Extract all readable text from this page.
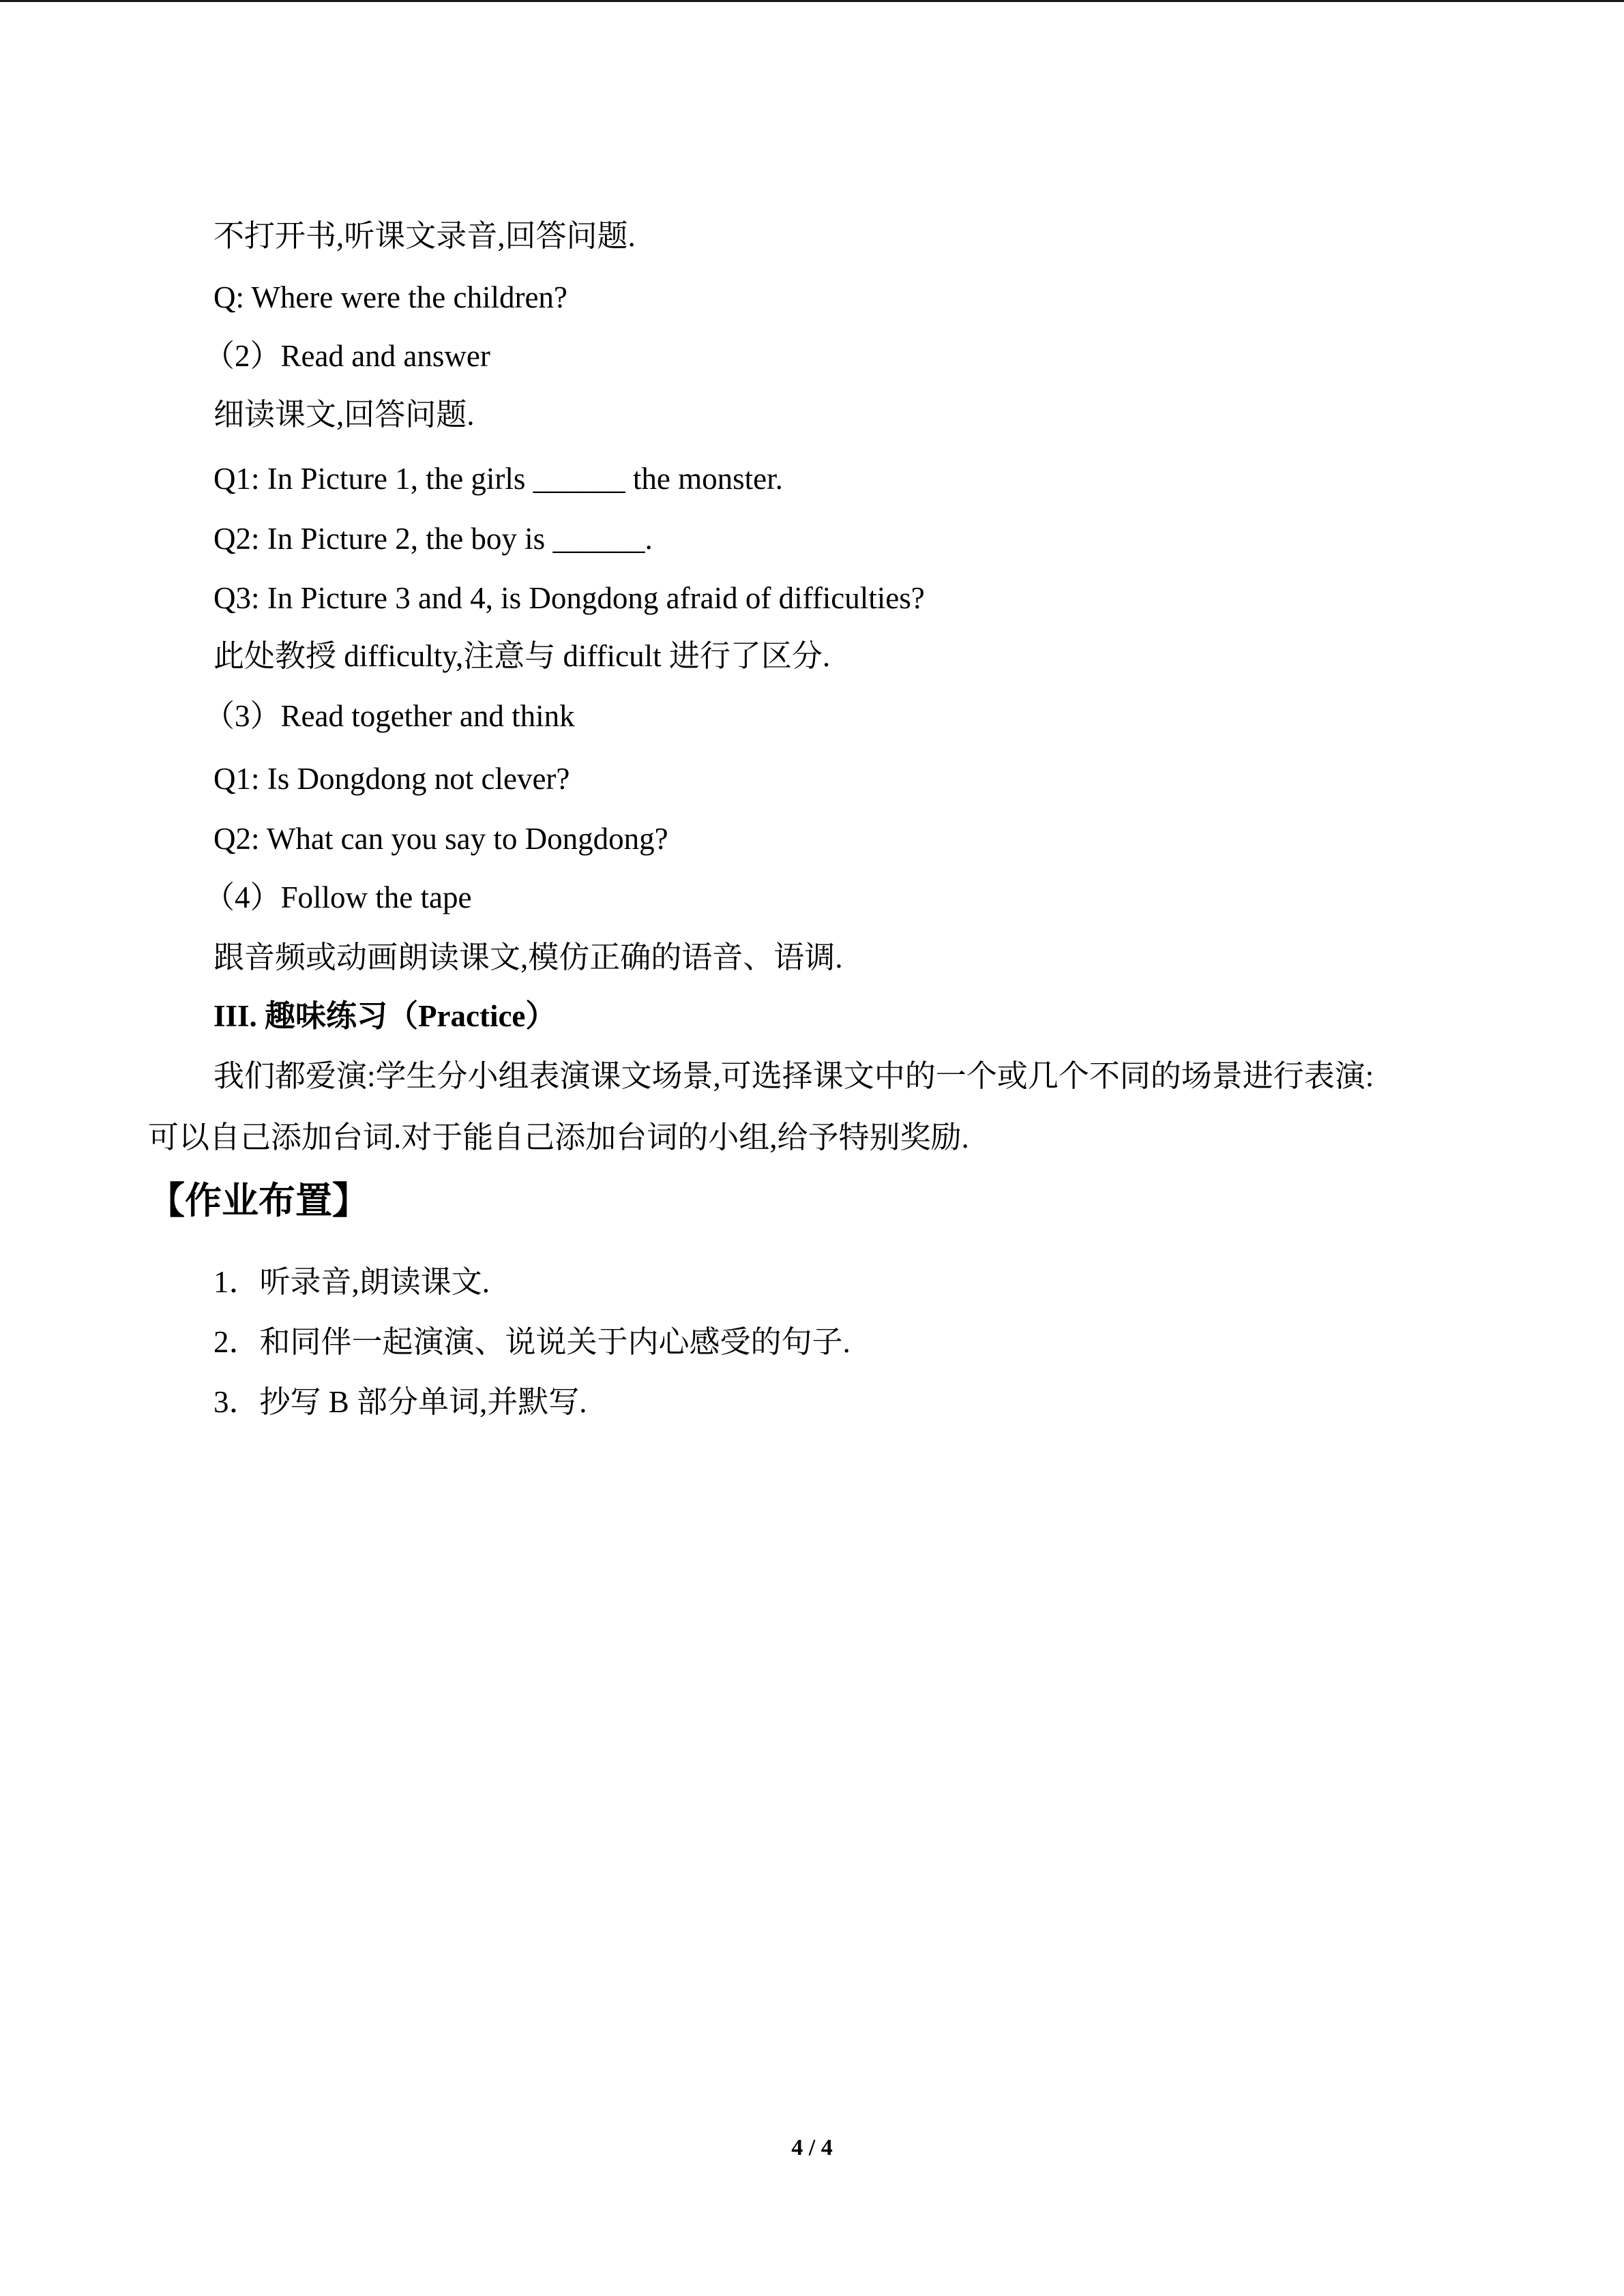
不打开书,听课文录音,回答问题.
Q: Where were the children?
（2）Read and answer
细读课文,回答问题.
Q1: In Picture 1, the girls ______ the monster.
Q2: In Picture 2, the boy is ______.
Q3: In Picture 3 and 4, is Dongdong afraid of difficulties?
此处教授 difficulty,注意与 difficult 进行了区分.
（3）Read together and think
Q1: Is Dongdong not clever?
Q2: What can you say to Dongdong?
（4）Follow the tape
跟音频或动画朗读课文,模仿正确的语音、语调.
III. 趣味练习（Practice）
我们都爱演:学生分小组表演课文场景,可选择课文中的一个或几个不同的场景进行表演:
可以自己添加台词.对于能自己添加台词的小组,给予特别奖励.
【作业布置】
1．听录音,朗读课文.
2．和同伴一起演演、说说关于内心感受的句子.
3．抄写 B 部分单词,并默写.
4 / 4
